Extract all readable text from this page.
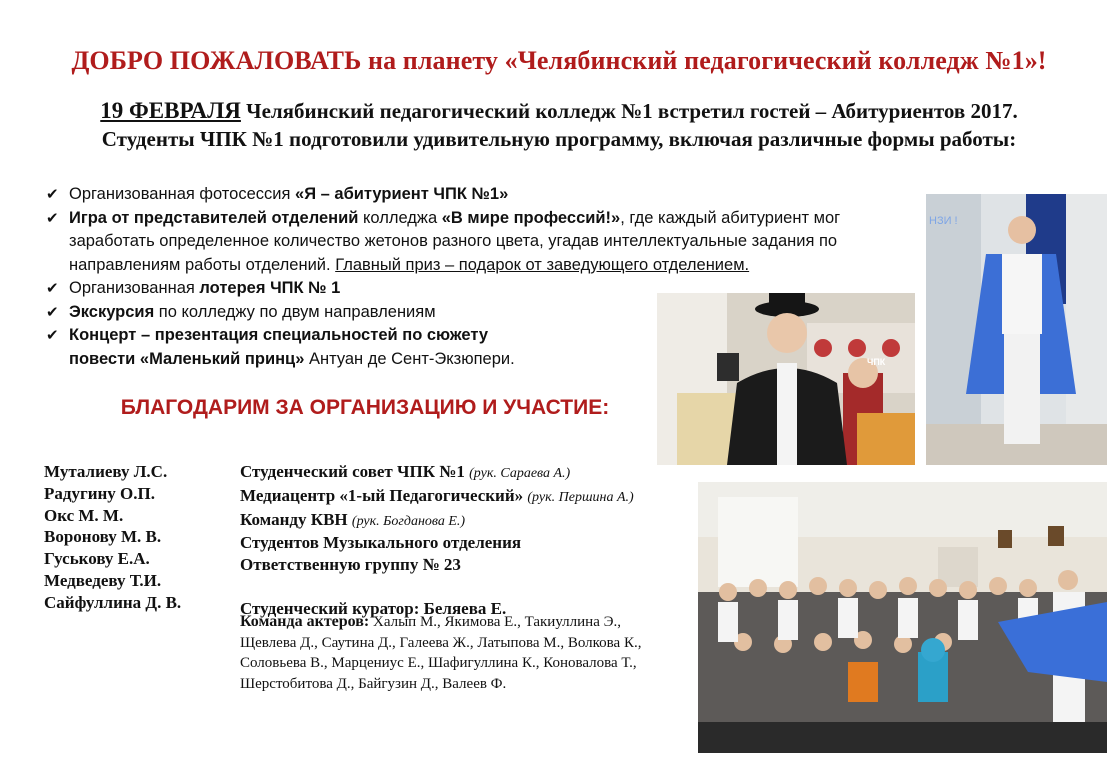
ДОБРО ПОЖАЛОВАТЬ на планету «Челябинский педагогический колледж №1»!
19 ФЕВРАЛЯ Челябинский педагогический колледж №1 встретил гостей – Абитуриентов 2017.
Студенты ЧПК №1 подготовили удивительную программу, включая различные формы работы:
✔ Организованная фотосессия «Я – абитуриент ЧПК №1»
✔ Игра от представителей отделений колледжа «В мире профессий!», где каждый абитуриент мог заработать определенное количество жетонов разного цвета, угадав интеллектуальные задания по направлениям работы отделений. Главный приз – подарок от заведующего отделением.
✔ Организованная лотерея ЧПК № 1
✔ Экскурсия по колледжу по двум направлениям
✔ Концерт – презентация специальностей по сюжету повести «Маленький принц» Антуан де Сент-Экзюпери.
БЛАГОДАРИМ ЗА ОРГАНИЗАЦИЮ И УЧАСТИЕ:
Муталиеву Л.С.
Радугину О.П.
Окс М. М.
Воронову М. В.
Гуськову Е.А.
Медведеву Т.И.
Сайфуллина Д. В.
Студенческий совет ЧПК №1 (рук. Сараева А.)
Медиацентр «1-ый Педагогический» (рук. Першина А.)
Команду КВН (рук. Богданова Е.)
Студентов Музыкального отделения
Ответственную группу № 23
Студенческий куратор: Беляева Е.
Команда актеров: Халып М., Якимова Е., Такиуллина Э., Щевлева Д., Саутина Д., Галеева Ж., Латыпова М., Волкова К., Соловьева В., Марцениус Е., Шафигуллина К., Коновалова Т., Шерстобитова Д., Байгузин Д., Валеев Ф.
ЧПК
НЗИ !
